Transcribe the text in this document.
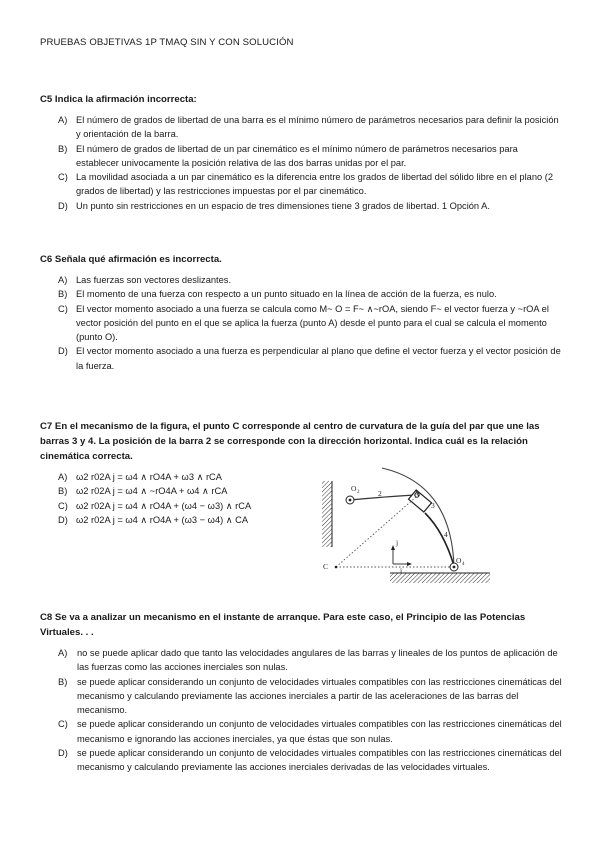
PRUEBAS OBJETIVAS 1P TMAQ SIN Y CON SOLUCIÓN
C5 Indica la afirmación incorrecta:
A) El número de grados de libertad de una barra es el mínimo número de parámetros necesarios para definir la posición y orientación de la barra.
B) El número de grados de libertad de un par cinemático es el mínimo número de parámetros necesarios para establecer univocamente la posición relativa de las dos barras unidas por el par.
C) La movilidad asociada a un par cinemático es la diferencia entre los grados de libertad del sólido libre en el plano (2 grados de libertad) y las restricciones impuestas por el par cinemático.
D) Un punto sin restricciones en un espacio de tres dimensiones tiene 3 grados de libertad. 1 Opción A.
C6 Señala qué afirmación es incorrecta.
A) Las fuerzas son vectores deslizantes.
B) El momento de una fuerza con respecto a un punto situado en la línea de acción de la fuerza, es nulo.
C) El vector momento asociado a una fuerza se calcula como M~ O = F~ ∧~rOA, siendo F~ el vector fuerza y ~rOA el vector posición del punto en el que se aplica la fuerza (punto A) desde el punto para el cual se calcula el momento (punto O).
D) El vector momento asociado a una fuerza es perpendicular al plano que define el vector fuerza y el vector posición de la fuerza.
C7 En el mecanismo de la figura, el punto C corresponde al centro de curvatura de la guía del par que une las barras 3 y 4. La posición de la barra 2 se corresponde con la dirección horizontal. Indica cuál es la relación cinemática correcta.
A) ω2 r02A j = ω4 ∧ rO4A + ω3 ∧ rCA
B) ω2 r02A j = ω4 ∧ ~rO4A + ω4 ∧ rCA
C) ω2 r02A j = ω4 ∧ rO4A + (ω4 − ω3) ∧ rCA
D) ω2 r02A j = ω4 ∧ rO4A + (ω3 − ω4) ∧ CA
O 2 2	A
3
4
j
i
C
O 4
C8 Se va a analizar un mecanismo en el instante de arranque. Para este caso, el Principio de las Potencias Virtuales. . .
A) no se puede aplicar dado que tanto las velocidades angulares de las barras y lineales de los puntos de aplicación de las fuerzas como las acciones inerciales son nulas.
B) se puede aplicar considerando un conjunto de velocidades virtuales compatibles con las restricciones cinemáticas del mecanismo y calculando previamente las acciones inerciales a partir de las aceleraciones de las barras del mecanismo.
C) se puede aplicar considerando un conjunto de velocidades virtuales compatibles con las restricciones cinemáticas del mecanismo e ignorando las acciones inerciales, ya que éstas que son nulas.
D) se puede aplicar considerando un conjunto de velocidades virtuales compatibles con las restricciones cinemáticas del mecanismo y calculando previamente las acciones inerciales derivadas de las velocidades virtuales.
